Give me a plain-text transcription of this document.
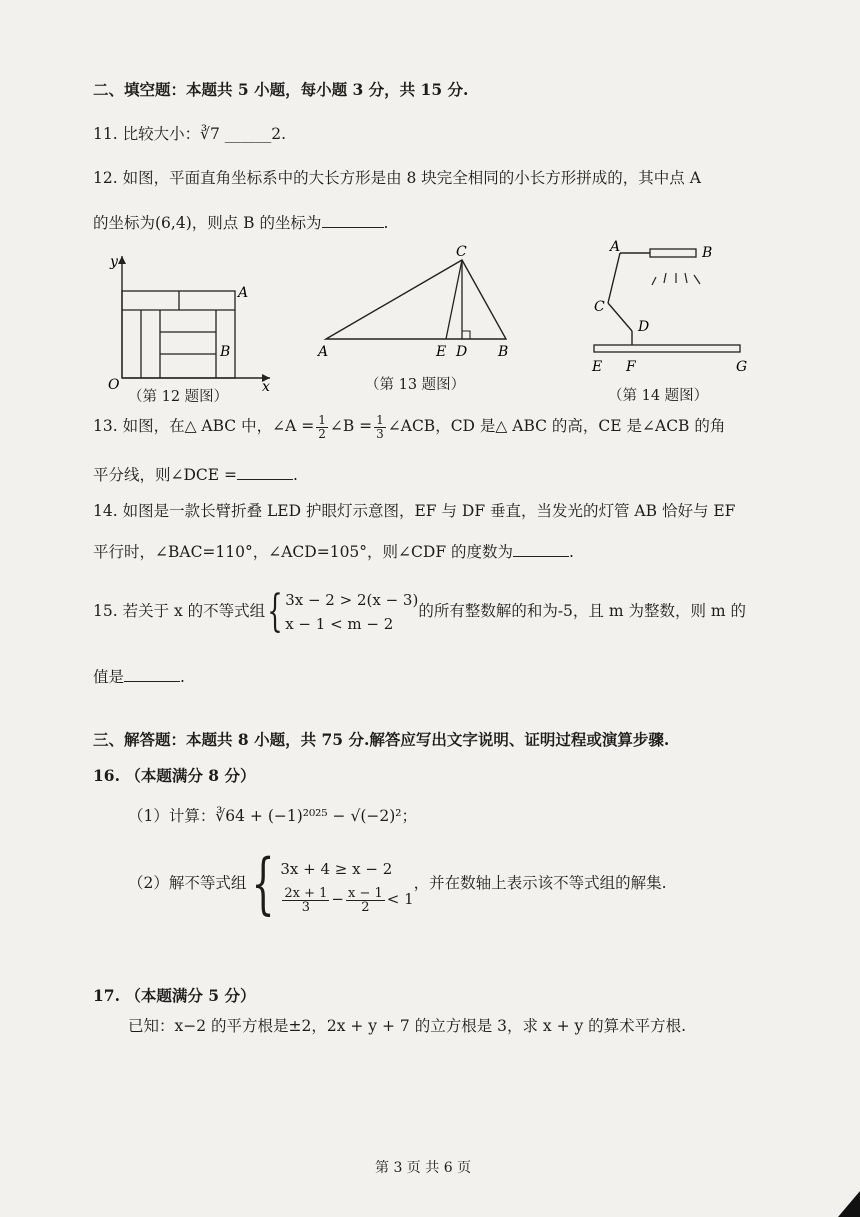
二、填空题：本题共 5 小题，每小题 3 分，共 15 分.
11. 比较大小：∛7 ______2.
12. 如图，平面直角坐标系中的大长方形是由 8 块完全相同的小长方形拼成的，其中点 A
的坐标为(6,4)，则点 B 的坐标为	.
y
x
O
A
B
（第 12 题图）
C
A	E D B
（第 13 题图）
A	B
C
D
E F	G
（第 14 题图）
13. 如图，在△ ABC 中，∠A = $\frac{1}{2}$ ∠B = $\frac{1}{3}$ ∠ACB，CD 是△ ABC 的高，CE 是∠ACB 的角
平分线，则∠DCE =	.
14. 如图是一款长臂折叠 LED 护眼灯示意图，EF 与 DF 垂直，当发光的灯管 AB 恰好与 EF
平行时，∠BAC=110°，∠ACD=105°，则∠CDF 的度数为	.
15. 若关于 x 的不等式组{ 3x − 2 > 2(x − 3)
x − 1 < m − 2
的所有整数解的和为-5，且 m 为整数，则 m 的
值是	.
三、解答题：本题共 8 小题，共 75 分.解答应写出文字说明、证明过程或演算步骤.
16. （本题满分 8 分）
（1）计算：∛64 + (−1)²⁰²⁵ − √(−2)²；
（2）解不等式组{ 3x + 4 ≥ x − 2
$\frac{2x + 1}{3} - \frac{x - 1}{2} < 1$
，并在数轴上表示该不等式组的解集.
17. （本题满分 5 分）
已知：x−2 的平方根是±2，2x + y + 7 的立方根是 3，求 x + y 的算术平方根.
第 3 页 共 6 页
